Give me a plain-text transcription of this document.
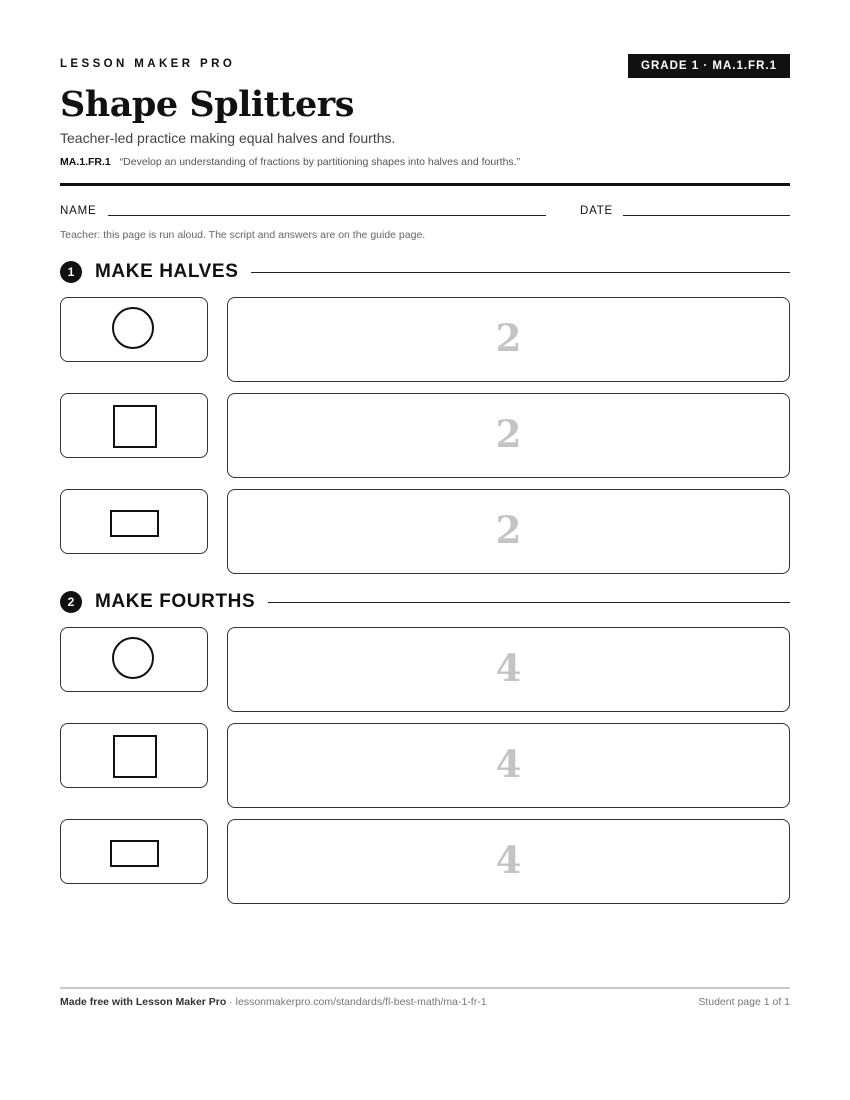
LESSON MAKER PRO	GRADE 1 · MA.1.FR.1
Shape Splitters
Teacher-led practice making equal halves and fourths.
MA.1.FR.1 “Develop an understanding of fractions by partitioning shapes into halves and fourths.”
NAME	DATE
Teacher: this page is run aloud. The script and answers are on the guide page.
1	MAKE HALVES
2
2
2
2	MAKE FOURTHS
4
4
4
Made free with Lesson Maker Pro · lessonmakerpro.com/standards/fl-best-math/ma-1-fr-1	Student page 1 of 1
